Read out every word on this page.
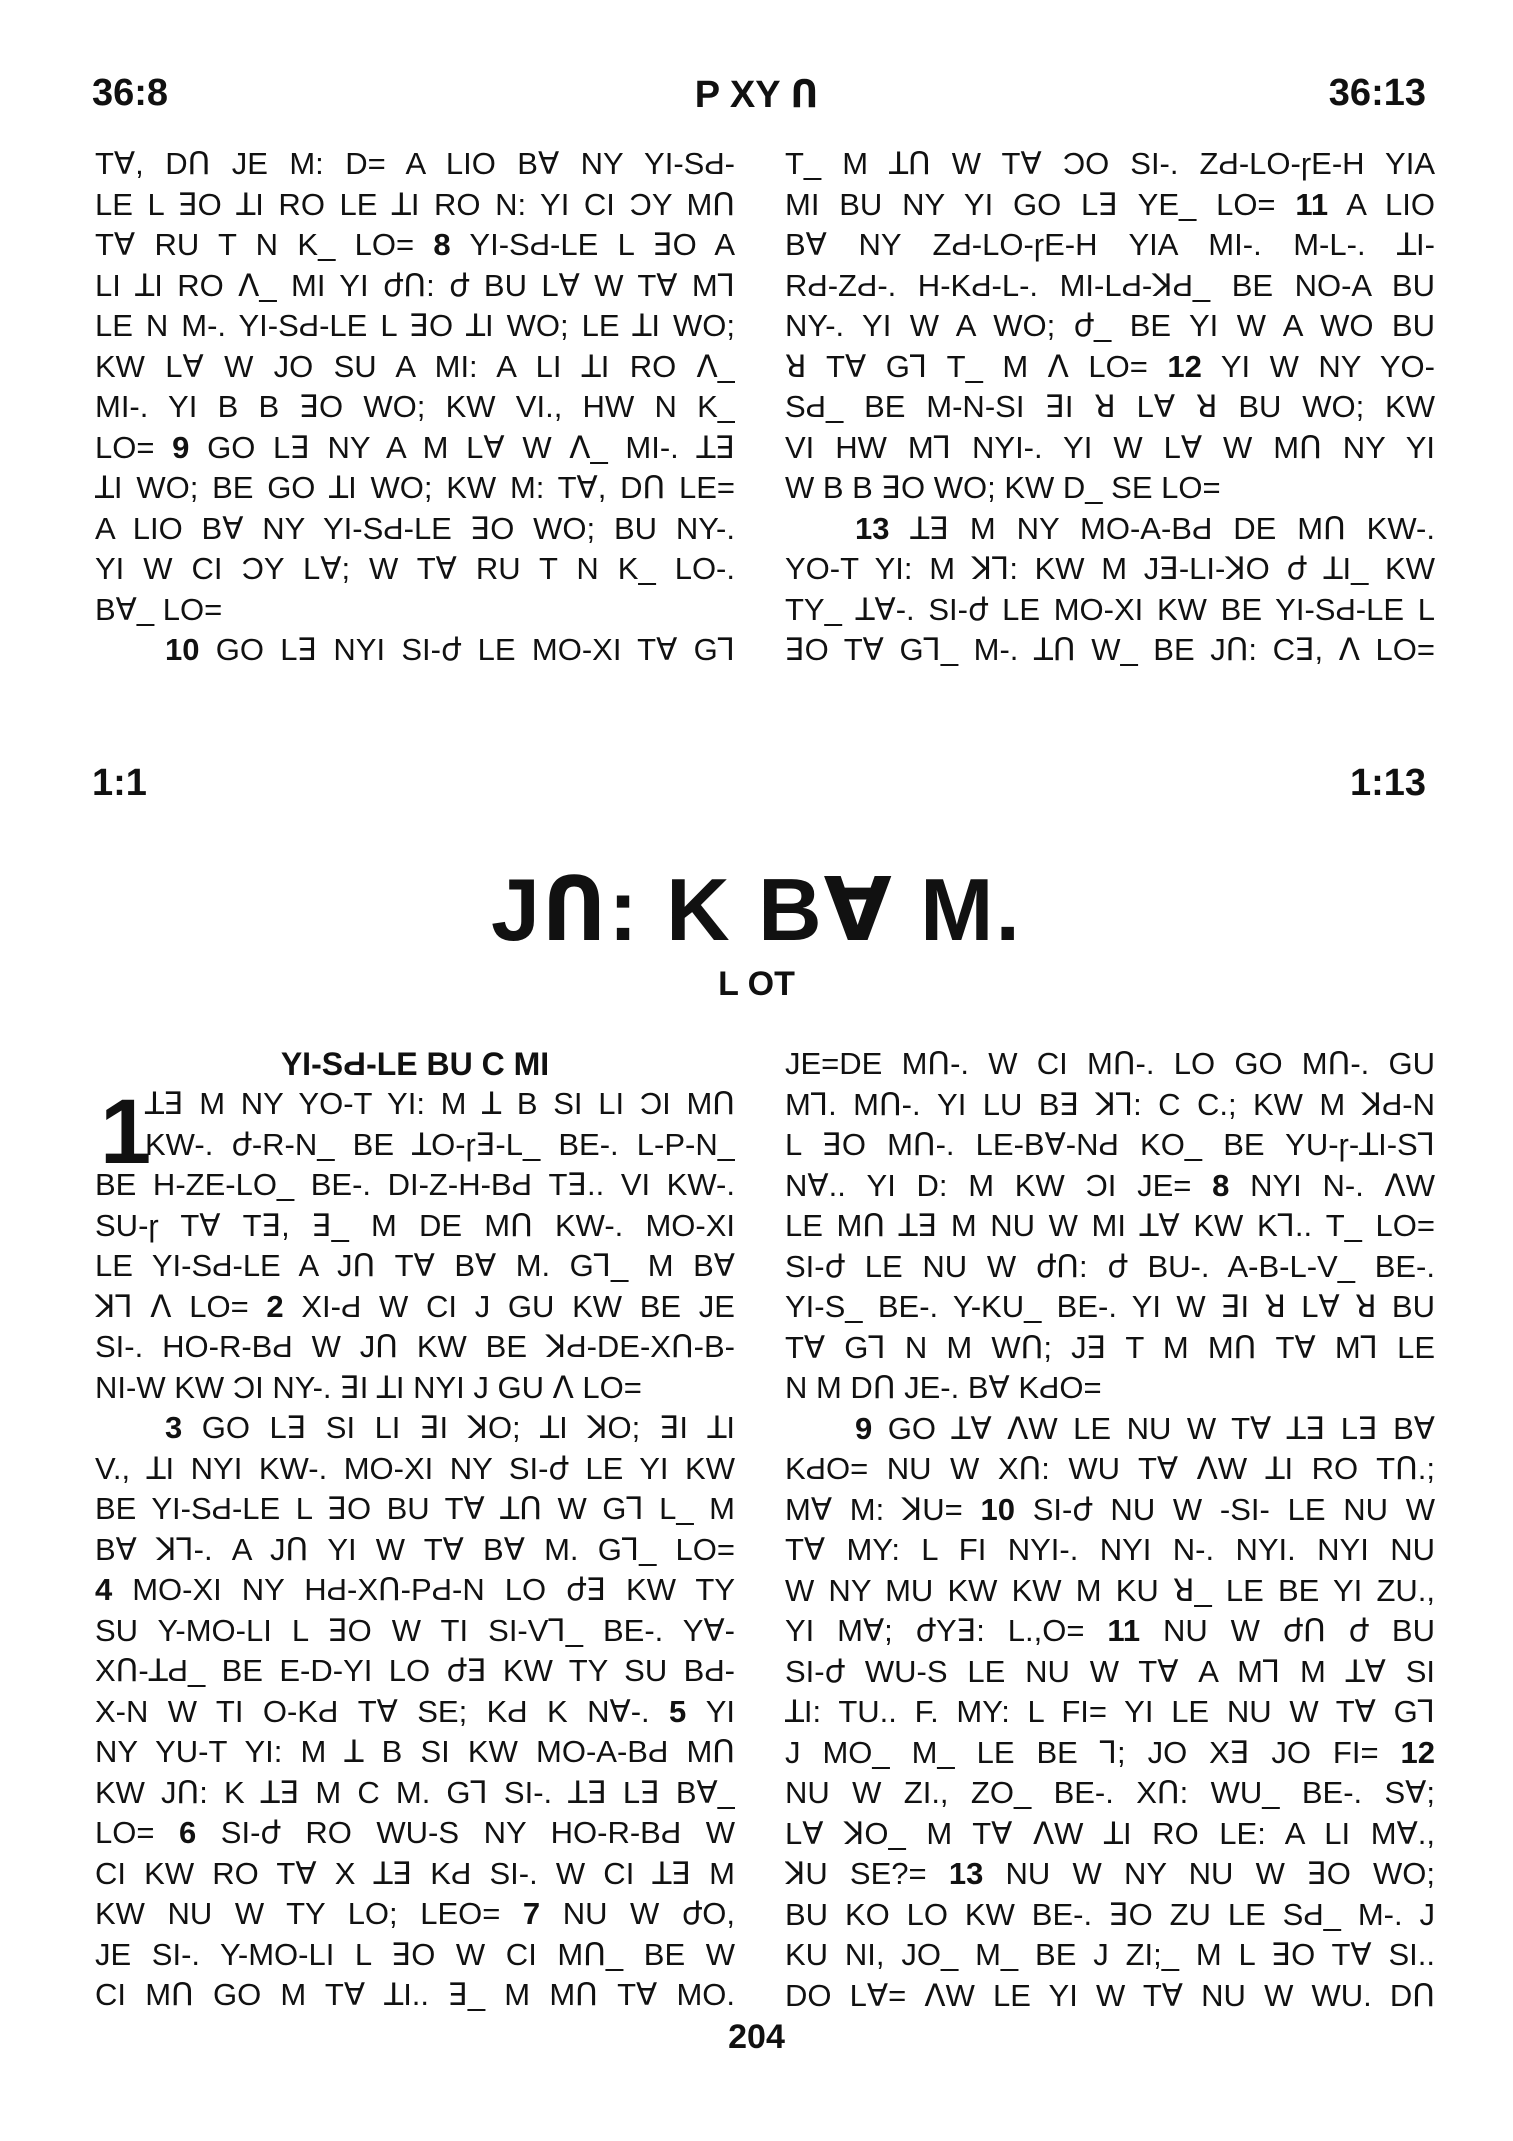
36:8	P XY Ո	36:13
Tꓯ, DՈ JE M: D= A LIO Bꓯ NY YI-SԀ-
LE L ꓱO ꓕI RO LE ꓕI RO N: YI CI ƆY MՈ
Tꓯ RU T N K_ LO= 8 YI-SԀ-LE L ꓱO A
LI ꓕI RO ꓥ_ MI YI ժՈ: ժ BU Lꓯ W Tꓯ Mꓶ
LE N M-. YI-SԀ-LE L ꓱO ꓕI WO; LE ꓕI WO;
KW Lꓯ W JO SU A MI: A LI ꓕI RO ꓥ_
MI-. YI B B ꓱO WO; KW VI., HW N K_
LO= 9 GO Lꓱ NY A M Lꓯ W ꓥ_ MI-. ꓕꓱ
ꓕI WO; BE GO ꓕI WO; KW M: Tꓯ, DՈ LE=
A LIO Bꓯ NY YI-SԀ-LE ꓱO WO; BU NY-.
YI W CI ƆY Lꓯ; W Tꓯ RU T N K_ LO-.
Bꓯ_ LO=
10 GO Lꓱ NYI SI-ժ LE MO-XI Tꓯ Gꓶ
T_ M ꓕՈ W Tꓯ ƆO SI-. ZԀ-LO-ɼE-H YIA
MI BU NY YI GO Lꓱ YE_ LO= 11 A LIO
Bꓯ NY ZԀ-LO-ɼE-H YIA MI-. M-L-. ꓕI-
RԀ-ZԀ-. H-KԀ-L-. MI-LԀ-ꓘԀ_ BE NO-A BU
NY-. YI W A WO; ժ_ BE YI W A WO BU
ꓤ Tꓯ Gꓶ T_ M ꓥ LO= 12 YI W NY YO-
SԀ_ BE M-N-SI ꓱI ꓤ Lꓯ ꓤ BU WO; KW
VI HW Mꓶ NYI-. YI W Lꓯ W MՈ NY YI
W B B ꓱO WO; KW D_ SE LO=
13 ꓕꓱ M NY MO-A-BԀ DE MՈ KW-.
YO-T YI: M ꓘꓶ: KW M Jꓱ-LI-ꓘO ժ ꓕI_ KW
TY_ ꓕꓯ-. SI-ժ LE MO-XI KW BE YI-SԀ-LE L
ꓱO Tꓯ Gꓶ_ M-. ꓕՈ W_ BE JՈ: Cꓱ, ꓥ LO=
1:1	1:13
JՈ: K Bꓯ M.
L OT
YI-SԀ-LE BU C MI
1
ꓕꓱ M NY YO-T YI: M ꓕ B SI LI ƆI MՈ
KW-. ժ-R-N_ BE ꓕO-ɼꓱ-L_ BE-. L-P-N_
BE H-ZE-LO_ BE-. DI-Z-H-BԀ Tꓱ.. VI KW-.
SU-ɼ Tꓯ Tꓱ, ꓱ_ M DE MՈ KW-. MO-XI
LE YI-SԀ-LE A JՈ Tꓯ Bꓯ M. Gꓶ_ M Bꓯ
ꓘꓶ ꓥ LO= 2 XI-Ԁ W CI J GU KW BE JE
SI-. HO-R-BԀ W JՈ KW BE ꓘԀ-DE-XՈ-B-
NI-W KW ƆI NY-. ꓱI ꓕI NYI J GU ꓥ LO=
3 GO Lꓱ SI LI ꓱI ꓘO; ꓕI ꓘO; ꓱI ꓕI
V., ꓕI NYI KW-. MO-XI NY SI-ժ LE YI KW
BE YI-SԀ-LE L ꓱO BU Tꓯ ꓕՈ W Gꓶ L_ M
Bꓯ ꓘꓶ-. A JՈ YI W Tꓯ Bꓯ M. Gꓶ_ LO=
4 MO-XI NY HԀ-XՈ-PԀ-N LO ժꓱ KW TY
SU Y-MO-LI L ꓱO W TI SI-Vꓶ_ BE-. Yꓯ-
XՈ-ꓕԀ_ BE E-D-YI LO ժꓱ KW TY SU BԀ-
X-N W TI O-KԀ Tꓯ SE; KԀ K Nꓯ-. 5 YI
NY YU-T YI: M ꓕ B SI KW MO-A-BԀ MՈ
KW JՈ: K ꓕꓱ M C M. Gꓶ SI-. ꓕꓱ Lꓱ Bꓯ_
LO= 6 SI-ժ RO WU-S NY HO-R-BԀ W
CI KW RO Tꓯ X ꓕꓱ KԀ SI-. W CI ꓕꓱ M
KW NU W TY LO; LEO= 7 NU W ժO,
JE SI-. Y-MO-LI L ꓱO W CI MՈ_ BE W
CI MՈ GO M Tꓯ ꓕI.. ꓱ_ M MՈ Tꓯ MO.
JE=DE MՈ-. W CI MՈ-. LO GO MՈ-. GU
Mꓶ. MՈ-. YI LU Bꓱ ꓘꓶ: C C.; KW M ꓘԀ-N
L ꓱO MՈ-. LE-Bꓯ-NԀ KO_ BE YU-ɼ-ꓕI-Sꓶ
Nꓯ.. YI D: M KW ƆI JE= 8 NYI N-. ꓥW
LE MՈ ꓕꓱ M NU W MI ꓕꓯ KW Kꓶ.. T_ LO=
SI-ժ LE NU W ժՈ: ժ BU-. A-B-L-V_ BE-.
YI-S_ BE-. Y-KU_ BE-. YI W ꓱI ꓤ Lꓯ ꓤ BU
Tꓯ Gꓶ N M WՈ; Jꓱ T M MՈ Tꓯ Mꓶ LE
N M DՈ JE-. Bꓯ KԀO=
9 GO ꓕꓯ ꓥW LE NU W Tꓯ ꓕꓱ Lꓱ Bꓯ
KԀO= NU W XՈ: WU Tꓯ ꓥW ꓕI RO TՈ.;
Mꓯ M: ꓘU= 10 SI-ժ NU W -SI- LE NU W
Tꓯ MY: L FI NYI-. NYI N-. NYI. NYI NU
W NY MU KW KW M KU ꓤ_ LE BE YI ZU.,
YI Mꓯ; ժYꓱ: L.,O= 11 NU W ժՈ ժ BU
SI-ժ WU-S LE NU W Tꓯ A Mꓶ M ꓕꓯ SI
ꓕI: TU.. F. MY: L FI= YI LE NU W Tꓯ Gꓶ
J MO_ M_ LE BE ꓶ; JO Xꓱ JO FI= 12
NU W ZI., ZO_ BE-. XՈ: WU_ BE-. Sꓯ;
Lꓯ ꓘO_ M Tꓯ ꓥW ꓕI RO LE: A LI Mꓯ.,
ꓘU SE?= 13 NU W NY NU W ꓱO WO;
BU KO LO KW BE-. ꓱO ZU LE SԀ_ M-. J
KU NI, JO_ M_ BE J ZI;_ M L ꓱO Tꓯ SI..
DO Lꓯ= ꓥW LE YI W Tꓯ NU W WU. DՈ
204
